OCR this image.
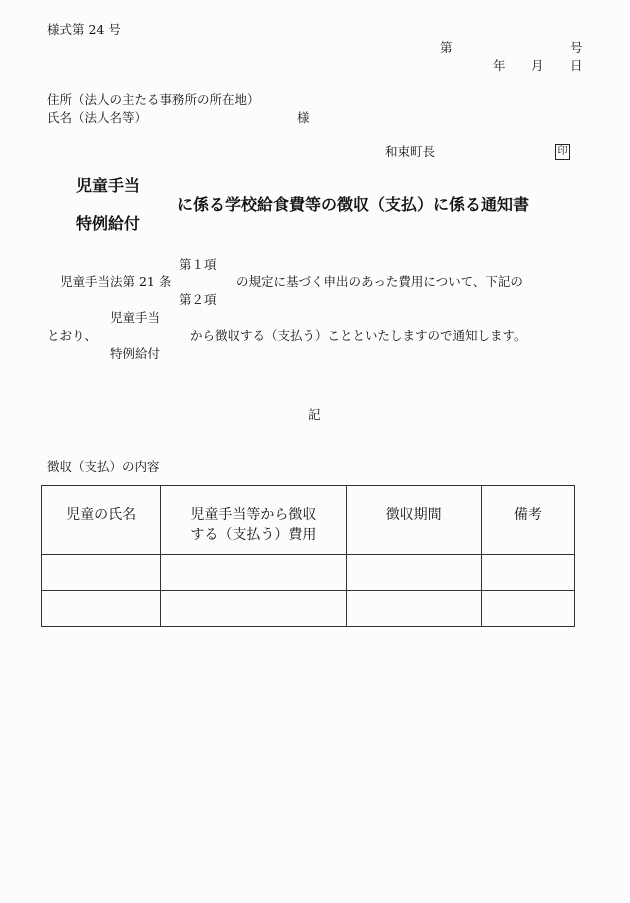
様式第 24 号
第	号
年 月 日
住所（法人の主たる事務所の所在地）
氏名（法人名等）	様
和束町長	印
児童手当
に係る学校給食費等の徴収（支払）に係る通知書
特例給付
第１項
児童手当法第 21 条	の規定に基づく申出のあった費用について、下記の
第２項
児童手当
とおり、	から徴収する（支払う）ことといたしますので通知します。
特例給付
記
徴収（支払）の内容
児童の氏名	児童手当等から徴収
する（支払う）費用	徴収期間	備考
